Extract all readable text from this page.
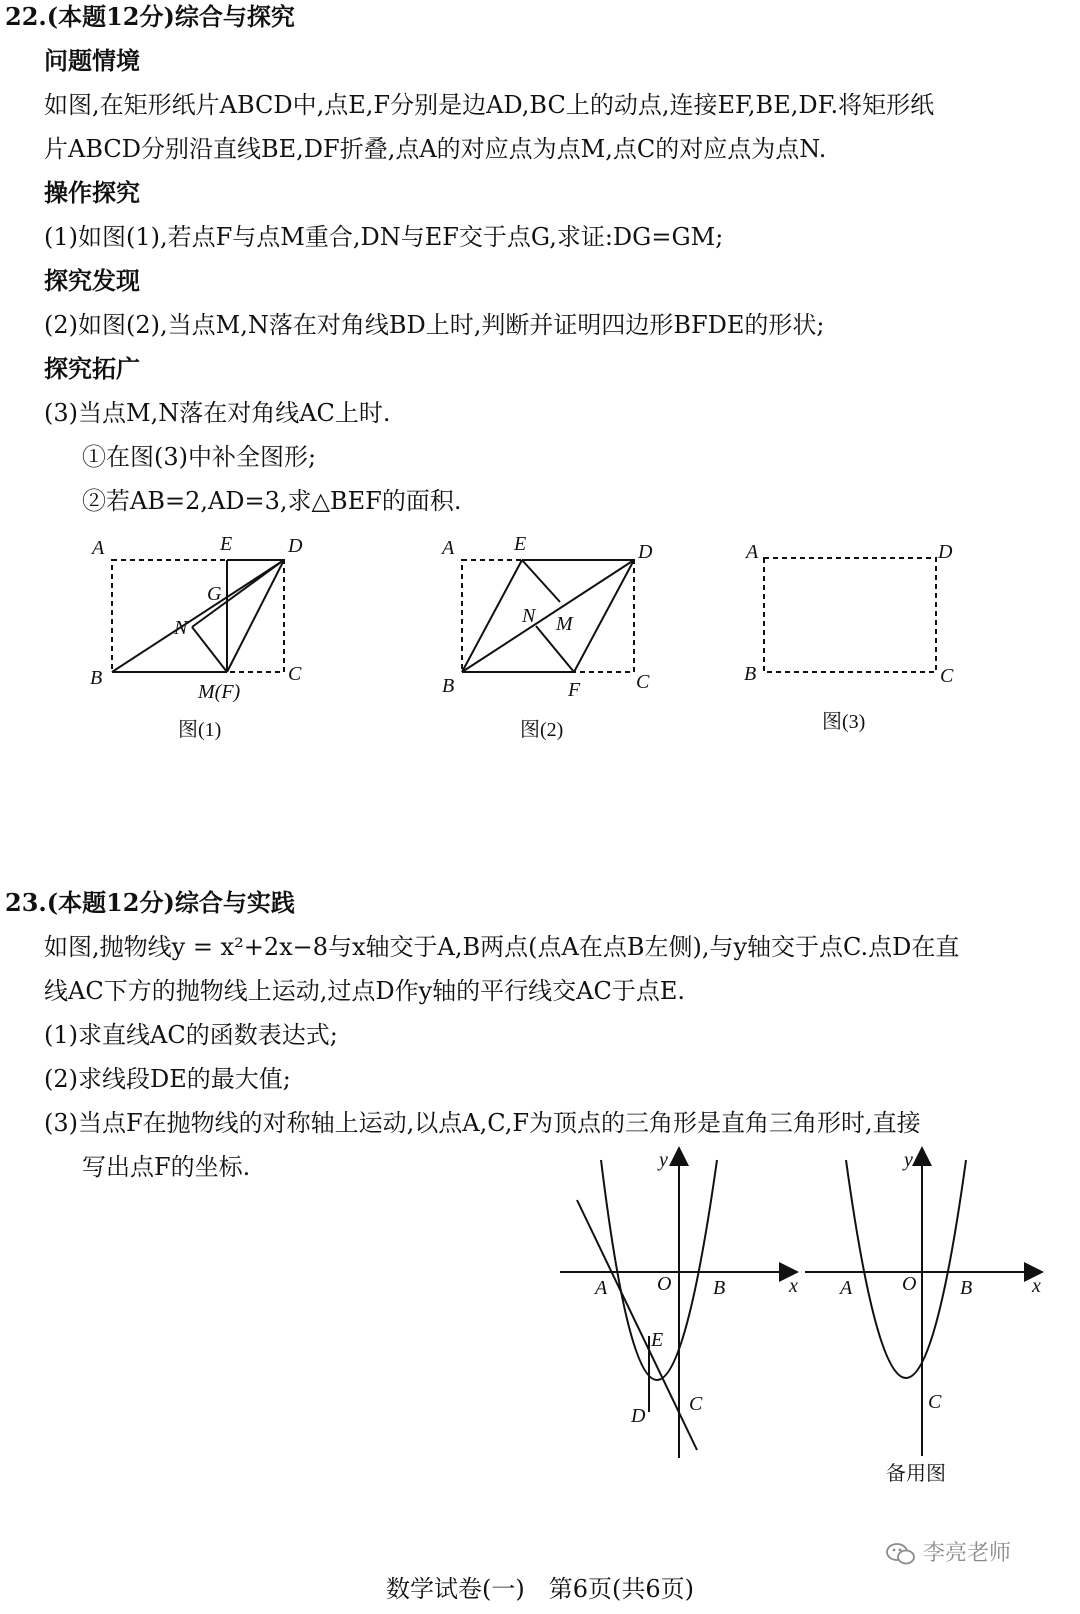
22.(本题12分)综合与探究
问题情境
如图,在矩形纸片ABCD中,点E,F分别是边AD,BC上的动点,连接EF,BE,DF.将矩形纸
片ABCD分别沿直线BE,DF折叠,点A的对应点为点M,点C的对应点为点N.
操作探究
(1)如图(1),若点F与点M重合,DN与EF交于点G,求证:DG=GM;
探究发现
(2)如图(2),当点M,N落在对角线BD上时,判断并证明四边形BFDE的形状;
探究拓广
(3)当点M,N落在对角线AC上时.
①在图(3)中补全图形;
②若AB=2,AD=3,求△BEF的面积.
A	E	D
G
N
B
M(F)
C
图(1)
A	E	D
N M
B	F	C
图(2)
A	D
B	C
图(3)
23.(本题12分)综合与实践
如图,抛物线y = x²+2x−8与x轴交于A,B两点(点A在点B左侧),与y轴交于点C.点D在直
线AC下方的抛物线上运动,过点D作y轴的平行线交AC于点E.
(1)求直线AC的函数表达式;
(2)求线段DE的最大值;
(3)当点F在抛物线的对称轴上运动,以点A,C,F为顶点的三角形是直角三角形时,直接
写出点F的坐标.	y
x
A O B
E
C
D
y
x
A O B
C
备用图
李亮老师
数学试卷(一)　第6页(共6页)
